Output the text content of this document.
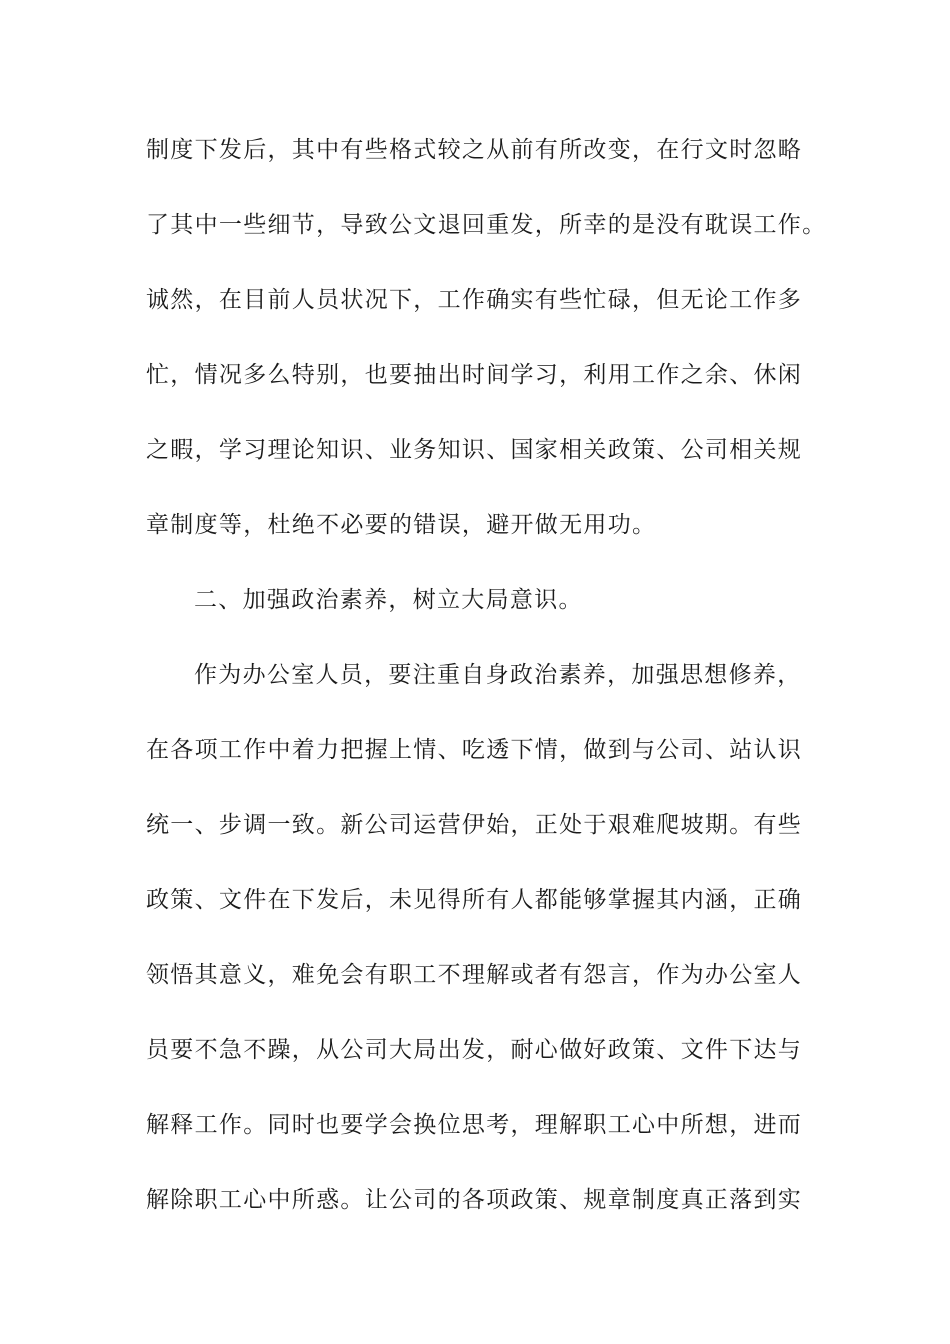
制度下发后，其中有些格式较之从前有所改变，在行文时忽略
了其中一些细节，导致公文退回重发，所幸的是没有耽误工作。
诚然，在目前人员状况下，工作确实有些忙碌，但无论工作多
忙，情况多么特别，也要抽出时间学习，利用工作之余、休闲
之暇，学习理论知识、业务知识、国家相关政策、公司相关规
章制度等，杜绝不必要的错误，避开做无用功。
二、加强政治素养，树立大局意识。
作为办公室人员，要注重自身政治素养，加强思想修养，
在各项工作中着力把握上情、吃透下情，做到与公司、站认识
统一、步调一致。新公司运营伊始，正处于艰难爬坡期。有些
政策、文件在下发后，未见得所有人都能够掌握其内涵，正确
领悟其意义，难免会有职工不理解或者有怨言，作为办公室人
员要不急不躁，从公司大局出发，耐心做好政策、文件下达与
解释工作。同时也要学会换位思考，理解职工心中所想，进而
解除职工心中所惑。让公司的各项政策、规章制度真正落到实
